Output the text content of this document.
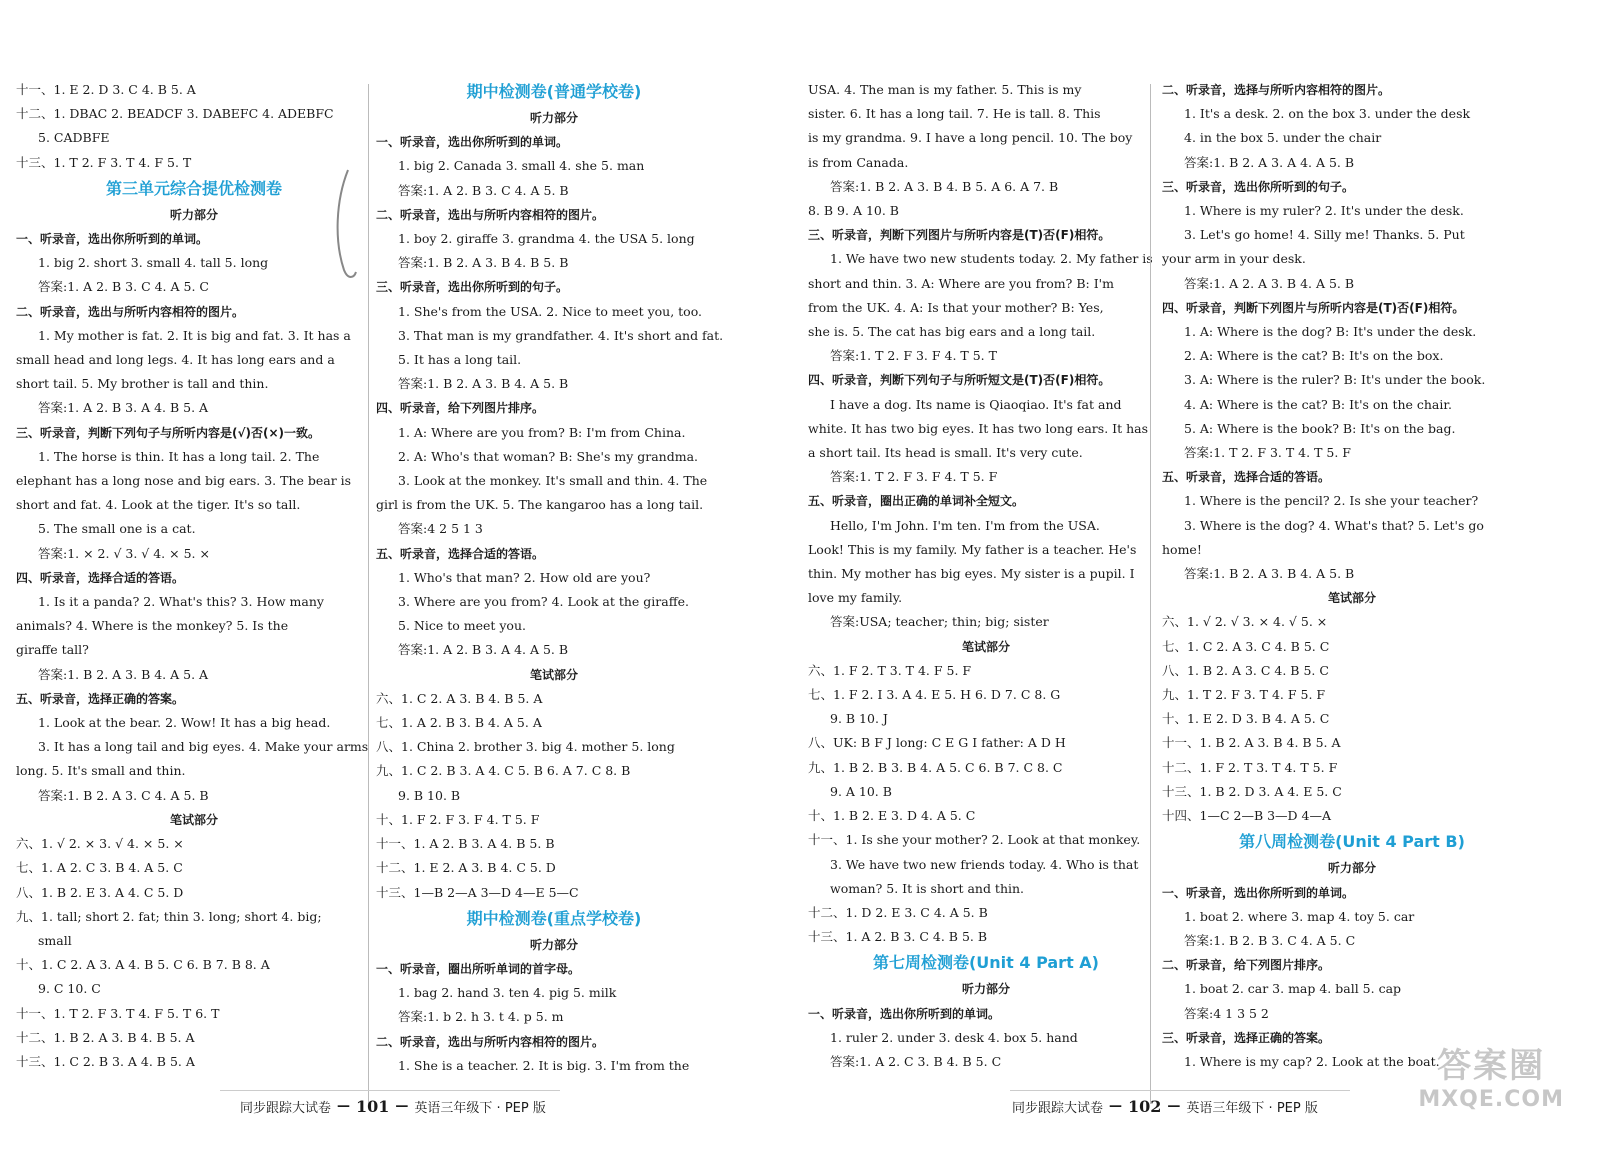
十一、1. E 2. D 3. C 4. B 5. A
十二、1. DBAC 2. BEADCF 3. DABEFC 4. ADEBFC
5. CADBFE
十三、1. T 2. F 3. T 4. F 5. T
第三单元综合提优检测卷
听力部分
一、听录音，选出你所听到的单词。
1. big 2. short 3. small 4. tall 5. long
答案:1. A 2. B 3. C 4. A 5. C
二、听录音，选出与所听内容相符的图片。
1. My mother is fat. 2. It is big and fat. 3. It has a
small head and long legs. 4. It has long ears and a
short tail. 5. My brother is tall and thin.
答案:1. A 2. B 3. A 4. B 5. A
三、听录音，判断下列句子与所听内容是(√)否(×)一致。
1. The horse is thin. It has a long tail. 2. The
elephant has a long nose and big ears. 3. The bear is
short and fat. 4. Look at the tiger. It's so tall.
5. The small one is a cat.
答案:1. × 2. √ 3. √ 4. × 5. ×
四、听录音，选择合适的答语。
1. Is it a panda? 2. What's this? 3. How many
animals? 4. Where is the monkey? 5. Is the
giraffe tall?
答案:1. B 2. A 3. B 4. A 5. A
五、听录音，选择正确的答案。
1. Look at the bear. 2. Wow! It has a big head.
3. It has a long tail and big eyes. 4. Make your arms
long. 5. It's small and thin.
答案:1. B 2. A 3. C 4. A 5. B
笔试部分
六、1. √ 2. × 3. √ 4. × 5. ×
七、1. A 2. C 3. B 4. A 5. C
八、1. B 2. E 3. A 4. C 5. D
九、1. tall; short 2. fat; thin 3. long; short 4. big;
small
十、1. C 2. A 3. A 4. B 5. C 6. B 7. B 8. A
9. C 10. C
十一、1. T 2. F 3. T 4. F 5. T 6. T
十二、1. B 2. A 3. B 4. B 5. A
十三、1. C 2. B 3. A 4. B 5. A
期中检测卷(普通学校卷)
听力部分
一、听录音，选出你所听到的单词。
1. big 2. Canada 3. small 4. she 5. man
答案:1. A 2. B 3. C 4. A 5. B
二、听录音，选出与所听内容相符的图片。
1. boy 2. giraffe 3. grandma 4. the USA 5. long
答案:1. B 2. A 3. B 4. B 5. B
三、听录音，选出你所听到的句子。
1. She's from the USA. 2. Nice to meet you, too.
3. That man is my grandfather. 4. It's short and fat.
5. It has a long tail.
答案:1. B 2. A 3. B 4. A 5. B
四、听录音，给下列图片排序。
1. A: Where are you from? B: I'm from China.
2. A: Who's that woman? B: She's my grandma.
3. Look at the monkey. It's small and thin. 4. The
girl is from the UK. 5. The kangaroo has a long tail.
答案:4 2 5 1 3
五、听录音，选择合适的答语。
1. Who's that man? 2. How old are you?
3. Where are you from? 4. Look at the giraffe.
5. Nice to meet you.
答案:1. A 2. B 3. A 4. A 5. B
笔试部分
六、1. C 2. A 3. B 4. B 5. A
七、1. A 2. B 3. B 4. A 5. A
八、1. China 2. brother 3. big 4. mother 5. long
九、1. C 2. B 3. A 4. C 5. B 6. A 7. C 8. B
9. B 10. B
十、1. F 2. F 3. F 4. T 5. F
十一、1. A 2. B 3. A 4. B 5. B
十二、1. E 2. A 3. B 4. C 5. D
十三、1—B 2—A 3—D 4—E 5—C
期中检测卷(重点学校卷)
听力部分
一、听录音，圈出所听单词的首字母。
1. bag 2. hand 3. ten 4. pig 5. milk
答案:1. b 2. h 3. t 4. p 5. m
二、听录音，选出与所听内容相符的图片。
1. She is a teacher. 2. It is big. 3. I'm from the
USA. 4. The man is my father. 5. This is my
sister. 6. It has a long tail. 7. He is tall. 8. This
is my grandma. 9. I have a long pencil. 10. The boy
is from Canada.
答案:1. B 2. A 3. B 4. B 5. A 6. A 7. B
8. B 9. A 10. B
三、听录音，判断下列图片与所听内容是(T)否(F)相符。
1. We have two new students today. 2. My father is
short and thin. 3. A: Where are you from? B: I'm
from the UK. 4. A: Is that your mother? B: Yes,
she is. 5. The cat has big ears and a long tail.
答案:1. T 2. F 3. F 4. T 5. T
四、听录音，判断下列句子与所听短文是(T)否(F)相符。
I have a dog. Its name is Qiaoqiao. It's fat and
white. It has two big eyes. It has two long ears. It has
a short tail. Its head is small. It's very cute.
答案:1. T 2. F 3. F 4. T 5. F
五、听录音，圈出正确的单词补全短文。
Hello, I'm John. I'm ten. I'm from the USA.
Look! This is my family. My father is a teacher. He's
thin. My mother has big eyes. My sister is a pupil. I
love my family.
答案:USA; teacher; thin; big; sister
笔试部分
六、1. F 2. T 3. T 4. F 5. F
七、1. F 2. I 3. A 4. E 5. H 6. D 7. C 8. G
9. B 10. J
八、UK: B F J long: C E G I father: A D H
九、1. B 2. B 3. B 4. A 5. C 6. B 7. C 8. C
9. A 10. B
十、1. B 2. E 3. D 4. A 5. C
十一、1. Is she your mother? 2. Look at that monkey.
3. We have two new friends today. 4. Who is that
woman? 5. It is short and thin.
十二、1. D 2. E 3. C 4. A 5. B
十三、1. A 2. B 3. C 4. B 5. B
第七周检测卷(Unit 4 Part A)
听力部分
一、听录音，选出你所听到的单词。
1. ruler 2. under 3. desk 4. box 5. hand
答案:1. A 2. C 3. B 4. B 5. C
二、听录音，选择与所听内容相符的图片。
1. It's a desk. 2. on the box 3. under the desk
4. in the box 5. under the chair
答案:1. B 2. A 3. A 4. A 5. B
三、听录音，选出你所听到的句子。
1. Where is my ruler? 2. It's under the desk.
3. Let's go home! 4. Silly me! Thanks. 5. Put
your arm in your desk.
答案:1. A 2. A 3. B 4. A 5. B
四、听录音，判断下列图片与所听内容是(T)否(F)相符。
1. A: Where is the dog? B: It's under the desk.
2. A: Where is the cat? B: It's on the box.
3. A: Where is the ruler? B: It's under the book.
4. A: Where is the cat? B: It's on the chair.
5. A: Where is the book? B: It's on the bag.
答案:1. T 2. F 3. T 4. T 5. F
五、听录音，选择合适的答语。
1. Where is the pencil? 2. Is she your teacher?
3. Where is the dog? 4. What's that? 5. Let's go
home!
答案:1. B 2. A 3. B 4. A 5. B
笔试部分
六、1. √ 2. √ 3. × 4. √ 5. ×
七、1. C 2. A 3. C 4. B 5. C
八、1. B 2. A 3. C 4. B 5. C
九、1. T 2. F 3. T 4. F 5. F
十、1. E 2. D 3. B 4. A 5. C
十一、1. B 2. A 3. B 4. B 5. A
十二、1. F 2. T 3. T 4. T 5. F
十三、1. B 2. D 3. A 4. E 5. C
十四、1—C 2—B 3—D 4—A
第八周检测卷(Unit 4 Part B)
听力部分
一、听录音，选出你所听到的单词。
1. boat 2. where 3. map 4. toy 5. car
答案:1. B 2. B 3. C 4. A 5. C
二、听录音，给下列图片排序。
1. boat 2. car 3. map 4. ball 5. cap
答案:4 1 3 5 2
三、听录音，选择正确的答案。
1. Where is my cap? 2. Look at the boat.
同步跟踪大试卷 — 101 — 英语三年级下 · PEP 版	同步跟踪大试卷 — 102 — 英语三年级下 · PEP 版
答案圈
MXQE.COM
